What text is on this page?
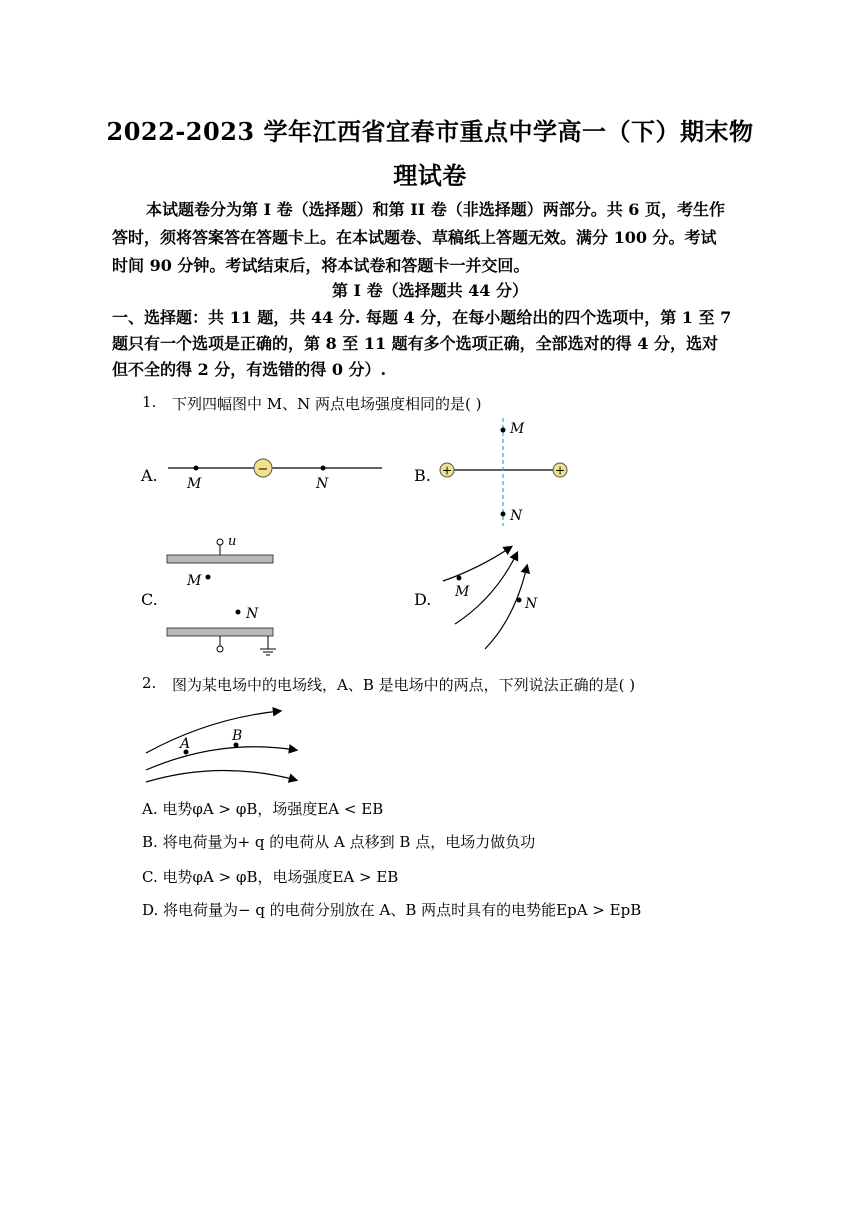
2022-2023 学年江西省宜春市重点中学高一（下）期末物
理试卷
本试题卷分为第 I 卷（选择题）和第 II 卷（非选择题）两部分。共 6 页，考生作
答时，须将答案答在答题卡上。在本试题卷、草稿纸上答题无效。满分 100 分。考试
时间 90 分钟。考试结束后，将本试卷和答题卡一并交回。
第 I 卷（选择题共 44 分）
一、选择题：共 11 题，共 44 分. 每题 4 分，在每小题给出的四个选项中，第 1 至 7
题只有一个选项是正确的，第 8 至 11 题有多个选项正确，全部选对的得 4 分，选对
但不全的得 2 分，有选错的得 0 分）.
1. 下列四幅图中 M、N 两点电场强度相同的是( )
A.	B.
C.	D.
−
M	N
+	+
M
N
u
M
N
M
N
2. 图为某电场中的电场线，A、B 是电场中的两点，下列说法正确的是( )
A	B
A. 电势φA > φB，场强度EA < EB
B. 将电荷量为+ q 的电荷从 A 点移到 B 点，电场力做负功
C. 电势φA > φB，电场强度EA > EB
D. 将电荷量为− q 的电荷分别放在 A、B 两点时具有的电势能EpA > EpB
